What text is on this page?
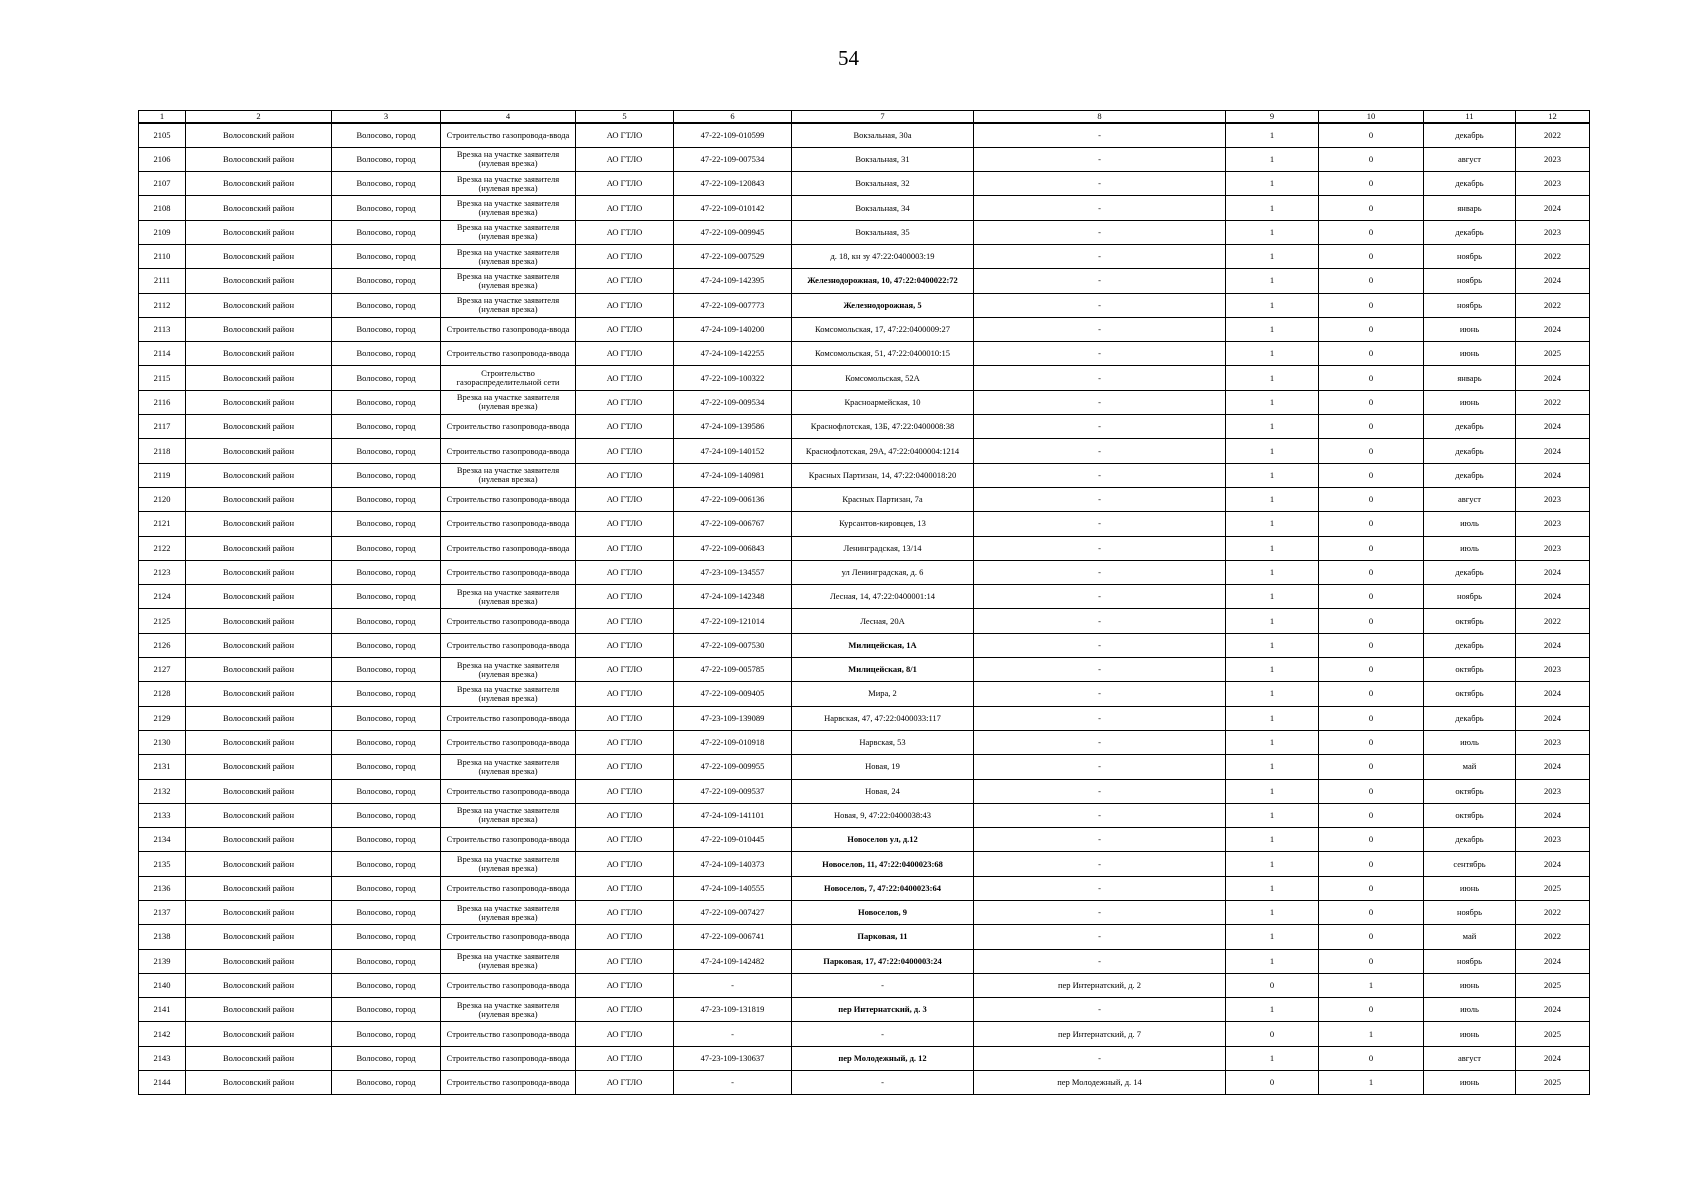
54
1	2	3	4	5	6	7	8	9	10	11	12
2105	Волосовский район	Волосово, город	Строительство газопровода-ввода	АО ГТЛО	47-22-109-010599	Вокзальная, 30а	-	1	0	декабрь	2022
2106	Волосовский район	Волосово, город	Врезка на участке заявителя (нулевая врезка)	АО ГТЛО	47-22-109-007534	Вокзальная, 31	-	1	0	август	2023
2107	Волосовский район	Волосово, город	Врезка на участке заявителя (нулевая врезка)	АО ГТЛО	47-22-109-120843	Вокзальная, 32	-	1	0	декабрь	2023
2108	Волосовский район	Волосово, город	Врезка на участке заявителя (нулевая врезка)	АО ГТЛО	47-22-109-010142	Вокзальная, 34	-	1	0	январь	2024
2109	Волосовский район	Волосово, город	Врезка на участке заявителя (нулевая врезка)	АО ГТЛО	47-22-109-009945	Вокзальная, 35	-	1	0	декабрь	2023
2110	Волосовский район	Волосово, город	Врезка на участке заявителя (нулевая врезка)	АО ГТЛО	47-22-109-007529	д. 18, кн зу 47:22:0400003:19	-	1	0	ноябрь	2022
2111	Волосовский район	Волосово, город	Врезка на участке заявителя (нулевая врезка)	АО ГТЛО	47-24-109-142395	Железнодорожная, 10, 47:22:0400022:72	-	1	0	ноябрь	2024
2112	Волосовский район	Волосово, город	Врезка на участке заявителя (нулевая врезка)	АО ГТЛО	47-22-109-007773	Железнодорожная, 5	-	1	0	ноябрь	2022
2113	Волосовский район	Волосово, город	Строительство газопровода-ввода	АО ГТЛО	47-24-109-140200	Комсомольская, 17, 47:22:0400009:27	-	1	0	июнь	2024
2114	Волосовский район	Волосово, город	Строительство газопровода-ввода	АО ГТЛО	47-24-109-142255	Комсомольская, 51, 47:22:0400010:15	-	1	0	июнь	2025
2115	Волосовский район	Волосово, город	Строительство газораспределительной сети	АО ГТЛО	47-22-109-100322	Комсомольская, 52А	-	1	0	январь	2024
2116	Волосовский район	Волосово, город	Врезка на участке заявителя (нулевая врезка)	АО ГТЛО	47-22-109-009534	Красноармейская, 10	-	1	0	июнь	2022
2117	Волосовский район	Волосово, город	Строительство газопровода-ввода	АО ГТЛО	47-24-109-139586	Краснофлотская, 13Б, 47:22:0400008:38	-	1	0	декабрь	2024
2118	Волосовский район	Волосово, город	Строительство газопровода-ввода	АО ГТЛО	47-24-109-140152	Краснофлотская, 29А, 47:22:0400004:1214	-	1	0	декабрь	2024
2119	Волосовский район	Волосово, город	Врезка на участке заявителя (нулевая врезка)	АО ГТЛО	47-24-109-140981	Красных Партизан, 14, 47:22:0400018:20	-	1	0	декабрь	2024
2120	Волосовский район	Волосово, город	Строительство газопровода-ввода	АО ГТЛО	47-22-109-006136	Красных Партизан, 7а	-	1	0	август	2023
2121	Волосовский район	Волосово, город	Строительство газопровода-ввода	АО ГТЛО	47-22-109-006767	Курсантов-кировцев, 13	-	1	0	июль	2023
2122	Волосовский район	Волосово, город	Строительство газопровода-ввода	АО ГТЛО	47-22-109-006843	Ленинградская, 13/14	-	1	0	июль	2023
2123	Волосовский район	Волосово, город	Строительство газопровода-ввода	АО ГТЛО	47-23-109-134557	ул Ленинградская, д. 6	-	1	0	декабрь	2024
2124	Волосовский район	Волосово, город	Врезка на участке заявителя (нулевая врезка)	АО ГТЛО	47-24-109-142348	Лесная, 14, 47:22:0400001:14	-	1	0	ноябрь	2024
2125	Волосовский район	Волосово, город	Строительство газопровода-ввода	АО ГТЛО	47-22-109-121014	Лесная, 20А	-	1	0	октябрь	2022
2126	Волосовский район	Волосово, город	Строительство газопровода-ввода	АО ГТЛО	47-22-109-007530	Милицейская, 1А	-	1	0	декабрь	2024
2127	Волосовский район	Волосово, город	Врезка на участке заявителя (нулевая врезка)	АО ГТЛО	47-22-109-005785	Милицейская, 8/1	-	1	0	октябрь	2023
2128	Волосовский район	Волосово, город	Врезка на участке заявителя (нулевая врезка)	АО ГТЛО	47-22-109-009405	Мира, 2	-	1	0	октябрь	2024
2129	Волосовский район	Волосово, город	Строительство газопровода-ввода	АО ГТЛО	47-23-109-139089	Нарвская, 47, 47:22:0400033:117	-	1	0	декабрь	2024
2130	Волосовский район	Волосово, город	Строительство газопровода-ввода	АО ГТЛО	47-22-109-010918	Нарвская, 53	-	1	0	июль	2023
2131	Волосовский район	Волосово, город	Врезка на участке заявителя (нулевая врезка)	АО ГТЛО	47-22-109-009955	Новая, 19	-	1	0	май	2024
2132	Волосовский район	Волосово, город	Строительство газопровода-ввода	АО ГТЛО	47-22-109-009537	Новая, 24	-	1	0	октябрь	2023
2133	Волосовский район	Волосово, город	Врезка на участке заявителя (нулевая врезка)	АО ГТЛО	47-24-109-141101	Новая, 9, 47:22:0400038:43	-	1	0	октябрь	2024
2134	Волосовский район	Волосово, город	Строительство газопровода-ввода	АО ГТЛО	47-22-109-010445	Новоселов ул, д.12	-	1	0	декабрь	2023
2135	Волосовский район	Волосово, город	Врезка на участке заявителя (нулевая врезка)	АО ГТЛО	47-24-109-140373	Новоселов, 11, 47:22:0400023:68	-	1	0	сентябрь	2024
2136	Волосовский район	Волосово, город	Строительство газопровода-ввода	АО ГТЛО	47-24-109-140555	Новоселов, 7, 47:22:0400023:64	-	1	0	июнь	2025
2137	Волосовский район	Волосово, город	Врезка на участке заявителя (нулевая врезка)	АО ГТЛО	47-22-109-007427	Новоселов, 9	-	1	0	ноябрь	2022
2138	Волосовский район	Волосово, город	Строительство газопровода-ввода	АО ГТЛО	47-22-109-006741	Парковая, 11	-	1	0	май	2022
2139	Волосовский район	Волосово, город	Врезка на участке заявителя (нулевая врезка)	АО ГТЛО	47-24-109-142482	Парковая, 17, 47:22:0400003:24	-	1	0	ноябрь	2024
2140	Волосовский район	Волосово, город	Строительство газопровода-ввода	АО ГТЛО	-	-	пер Интернатский, д. 2	0	1	июнь	2025
2141	Волосовский район	Волосово, город	Врезка на участке заявителя (нулевая врезка)	АО ГТЛО	47-23-109-131819	пер Интернатский, д. 3	-	1	0	июль	2024
2142	Волосовский район	Волосово, город	Строительство газопровода-ввода	АО ГТЛО	-	-	пер Интернатский, д. 7	0	1	июнь	2025
2143	Волосовский район	Волосово, город	Строительство газопровода-ввода	АО ГТЛО	47-23-109-130637	пер Молодежный, д. 12	-	1	0	август	2024
2144	Волосовский район	Волосово, город	Строительство газопровода-ввода	АО ГТЛО	-	-	пер Молодежный, д. 14	0	1	июнь	2025
